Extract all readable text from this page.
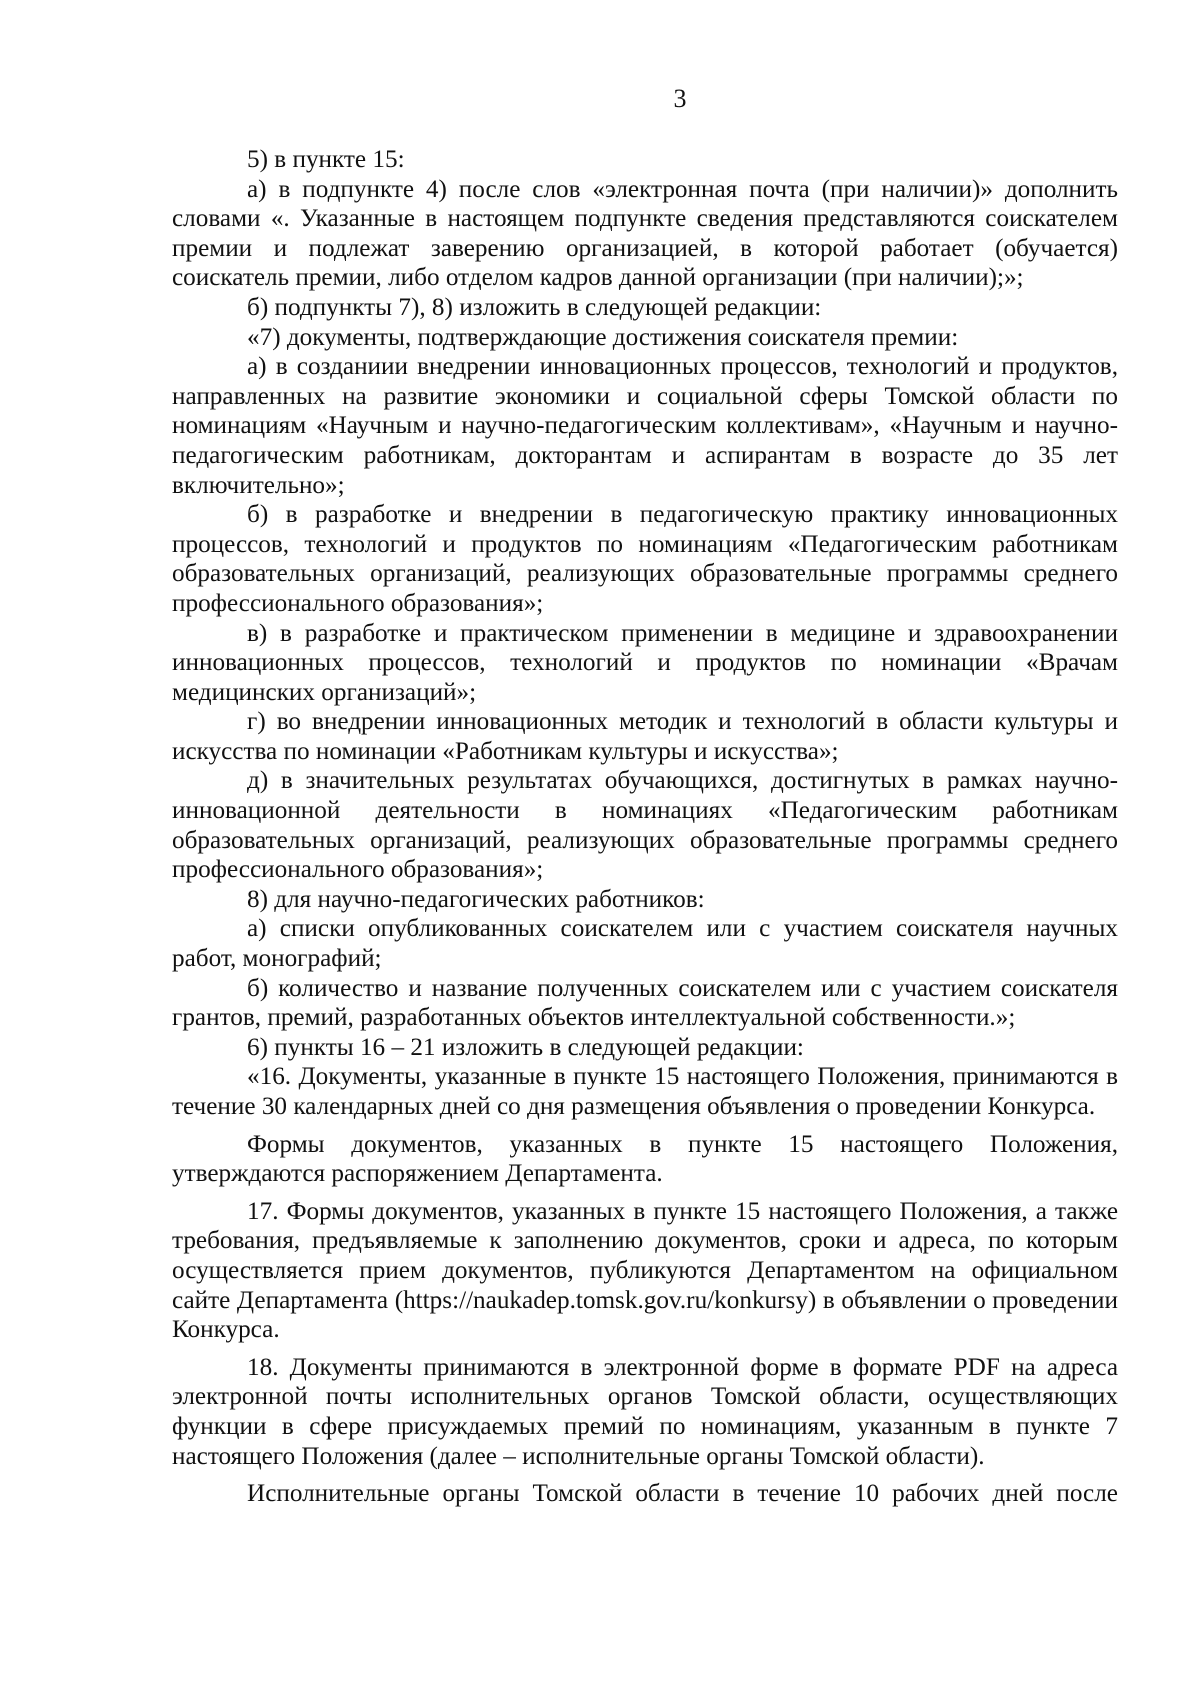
3

5) в пункте 15:

а) в подпункте 4) после слов «электронная почта (при наличии)» дополнить словами «. Указанные в настоящем подпункте сведения представляются соискателем премии и подлежат заверению организацией, в которой работает (обучается) соискатель премии, либо отделом кадров данной организации (при наличии);»;

б) подпункты 7), 8) изложить в следующей редакции:

«7) документы, подтверждающие достижения соискателя премии:

а) в созданиии внедрении инновационных процессов, технологий и продуктов, направленных на развитие экономики и социальной сферы Томской области по номинациям «Научным и научно-педагогическим коллективам», «Научным и научно-педагогическим работникам, докторантам и аспирантам в возрасте до 35 лет включительно»;

б) в разработке и внедрении в педагогическую практику инновационных процессов, технологий и продуктов по номинациям «Педагогическим работникам образовательных организаций, реализующих образовательные программы среднего профессионального образования»;

в) в разработке и практическом применении в медицине и здравоохранении инновационных процессов, технологий и продуктов по номинации «Врачам медицинских организаций»;

г) во внедрении инновационных методик и технологий в области культуры и искусства по номинации «Работникам культуры и искусства»;

д) в значительных результатах обучающихся, достигнутых в рамках научно-инновационной деятельности в номинациях «Педагогическим работникам образовательных организаций, реализующих образовательные программы среднего профессионального образования»;

8) для научно-педагогических работников:

а) списки опубликованных соискателем или с участием соискателя научных работ, монографий;

б) количество и название полученных соискателем или с участием соискателя грантов, премий, разработанных объектов интеллектуальной собственности.»;

6) пункты 16 – 21 изложить в следующей редакции:

«16. Документы, указанные в пункте 15 настоящего Положения, принимаются в течение 30 календарных дней со дня размещения объявления о проведении Конкурса.

Формы документов, указанных в пункте 15 настоящего Положения, утверждаются распоряжением Департамента.

17. Формы документов, указанных в пункте 15 настоящего Положения, а также требования, предъявляемые к заполнению документов, сроки и адреса, по которым осуществляется прием документов, публикуются Департаментом на официальном сайте Департамента (https://naukadep.tomsk.gov.ru/konkursy) в объявлении о проведении Конкурса.

18. Документы принимаются в электронной форме в формате PDF на адреса электронной почты исполнительных органов Томской области, осуществляющих функции в сфере присуждаемых премий по номинациям, указанным в пункте 7 настоящего Положения (далее – исполнительные органы Томской области).

Исполнительные органы Томской области в течение 10 рабочих дней после
